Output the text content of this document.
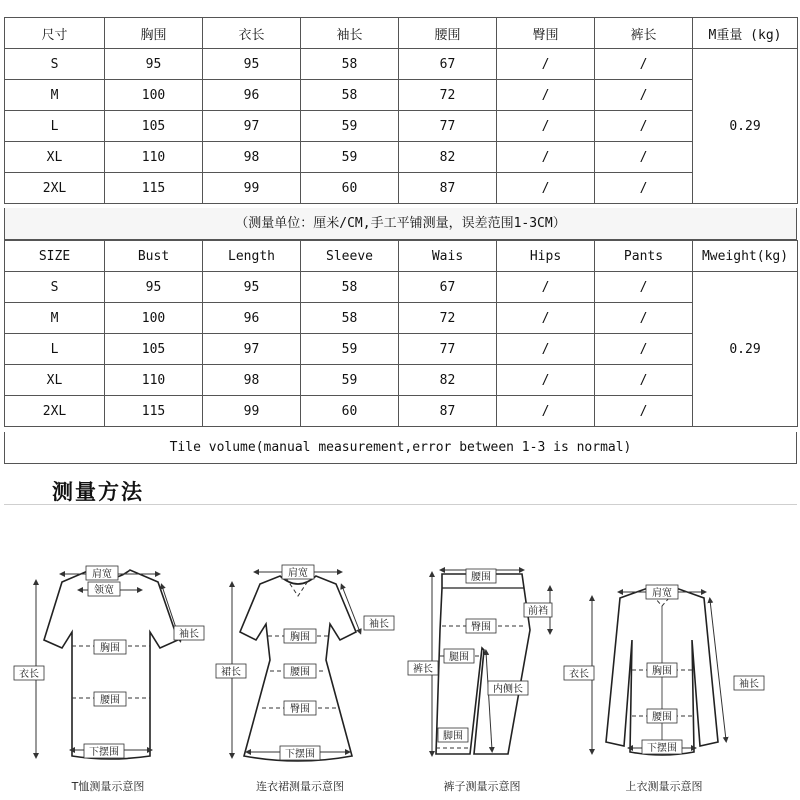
尺寸	胸围	衣长	袖长	腰围	臀围	裤长	M重量 (kg)
S	95	95	58	67	/	/	0.29
M	100	96	58	72	/	/	
L	105	97	59	77	/	/	
XL	110	98	59	82	/	/	
2XL	115	99	60	87	/	/	
（测量单位：厘米/CM,手工平铺测量，误差范围1-3CM）
SIZE	Bust	Length	Sleeve	Wais	Hips	Pants	Mweight(kg)
S	95	95	58	67	/	/	0.29
M	100	96	58	72	/	/	
L	105	97	59	77	/	/	
XL	110	98	59	82	/	/	
2XL	115	99	60	87	/	/	
Tile volume(manual measurement,error between 1-3 is normal)
测量方法
肩宽
领宽
袖长
胸围
衣长
腰围
下摆围
肩宽
袖长
胸围
裙长	腰围
臀围
下摆围
腰围
前裆
臀围
腿围
裤长
内侧长
脚围
肩宽
衣长	胸围
袖长
腰围
下摆围
T恤测量示意图	连衣裙测量示意图	裤子测量示意图	上衣测量示意图
